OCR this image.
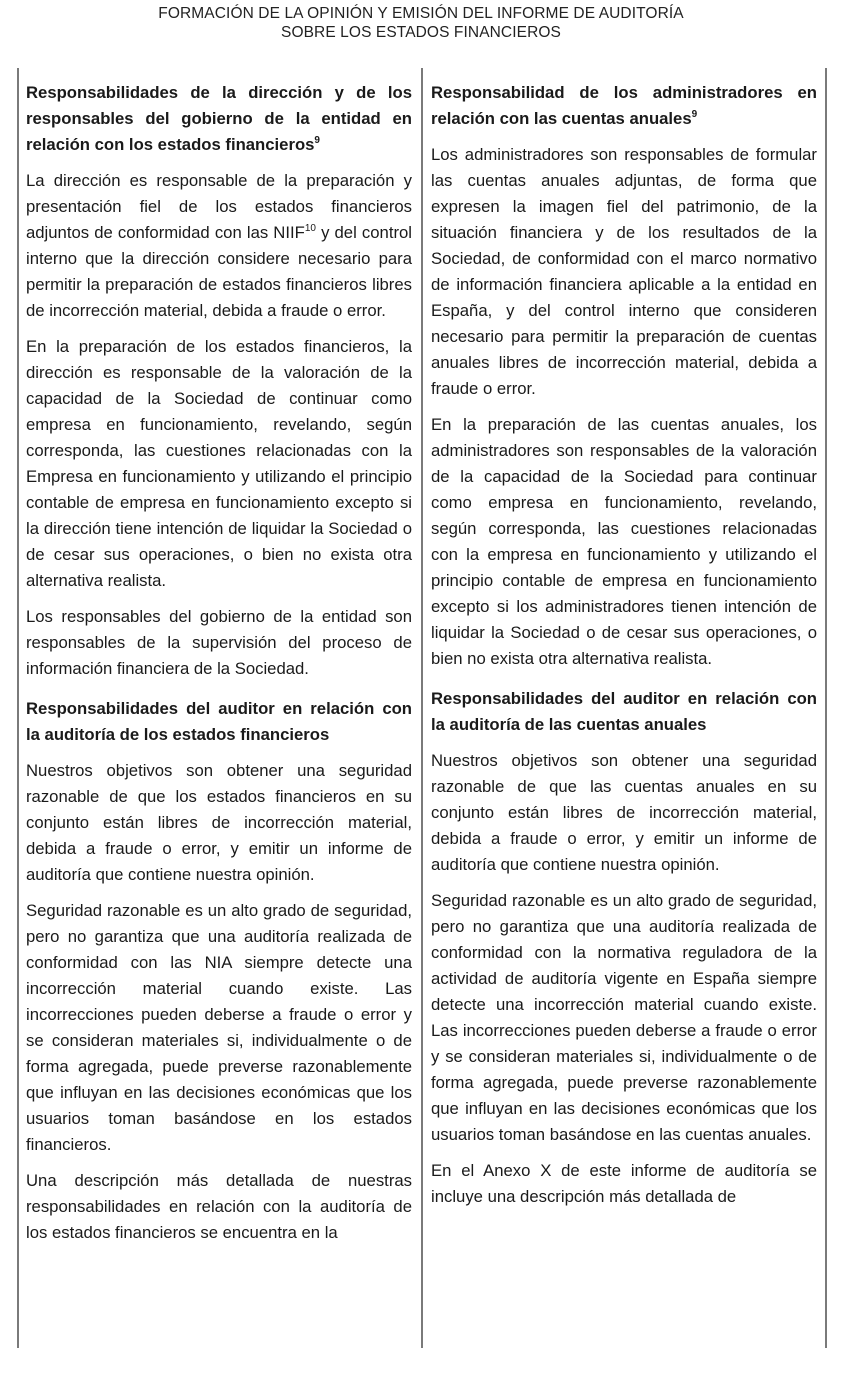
FORMACIÓN DE LA OPINIÓN Y EMISIÓN DEL INFORME DE AUDITORÍA
SOBRE LOS ESTADOS FINANCIEROS
Responsabilidades de la dirección y de los responsables del gobierno de la entidad en relación con los estados financieros$^9$

La dirección es responsable de la preparación y presentación fiel de los estados financieros adjuntos de conformidad con las NIIF$^{10}$ y del control interno que la dirección considere necesario para permitir la preparación de estados financieros libres de incorrección material, debida a fraude o error.

En la preparación de los estados financieros, la dirección es responsable de la valoración de la capacidad de la Sociedad de continuar como empresa en funcionamiento, revelando, según corresponda, las cuestiones relacionadas con la Empresa en funcionamiento y utilizando el principio contable de empresa en funcionamiento excepto si la dirección tiene intención de liquidar la Sociedad o de cesar sus operaciones, o bien no exista otra alternativa realista.

Los responsables del gobierno de la entidad son responsables de la supervisión del proceso de información financiera de la Sociedad.

Responsabilidades del auditor en relación con la auditoría de los estados financieros

Nuestros objetivos son obtener una seguridad razonable de que los estados financieros en su conjunto están libres de incorrección material, debida a fraude o error, y emitir un informe de auditoría que contiene nuestra opinión.

Seguridad razonable es un alto grado de seguridad, pero no garantiza que una auditoría realizada de conformidad con las NIA siempre detecte una incorrección material cuando existe. Las incorrecciones pueden deberse a fraude o error y se consideran materiales si, individualmente o de forma agregada, puede preverse razonablemente que influyan en las decisiones económicas que los usuarios toman basándose en los estados financieros.

Una descripción más detallada de nuestras responsabilidades en relación con la auditoría de los estados financieros se encuentra en la

Responsabilidad de los administradores en relación con las cuentas anuales$^9$

Los administradores son responsables de formular las cuentas anuales adjuntas, de forma que expresen la imagen fiel del patrimonio, de la situación financiera y de los resultados de la Sociedad, de conformidad con el marco normativo de información financiera aplicable a la entidad en España, y del control interno que consideren necesario para permitir la preparación de cuentas anuales libres de incorrección material, debida a fraude o error.

En la preparación de las cuentas anuales, los administradores son responsables de la valoración de la capacidad de la Sociedad para continuar como empresa en funcionamiento, revelando, según corresponda, las cuestiones relacionadas con la empresa en funcionamiento y utilizando el principio contable de empresa en funcionamiento excepto si los administradores tienen intención de liquidar la Sociedad o de cesar sus operaciones, o bien no exista otra alternativa realista.

Responsabilidades del auditor en relación con la auditoría de las cuentas anuales

Nuestros objetivos son obtener una seguridad razonable de que las cuentas anuales en su conjunto están libres de incorrección material, debida a fraude o error, y emitir un informe de auditoría que contiene nuestra opinión.

Seguridad razonable es un alto grado de seguridad, pero no garantiza que una auditoría realizada de conformidad con la normativa reguladora de la actividad de auditoría vigente en España siempre detecte una incorrección material cuando existe. Las incorrecciones pueden deberse a fraude o error y se consideran materiales si, individualmente o de forma agregada, puede preverse razonablemente que influyan en las decisiones económicas que los usuarios toman basándose en las cuentas anuales.

En el Anexo X de este informe de auditoría se incluye una descripción más detallada de
